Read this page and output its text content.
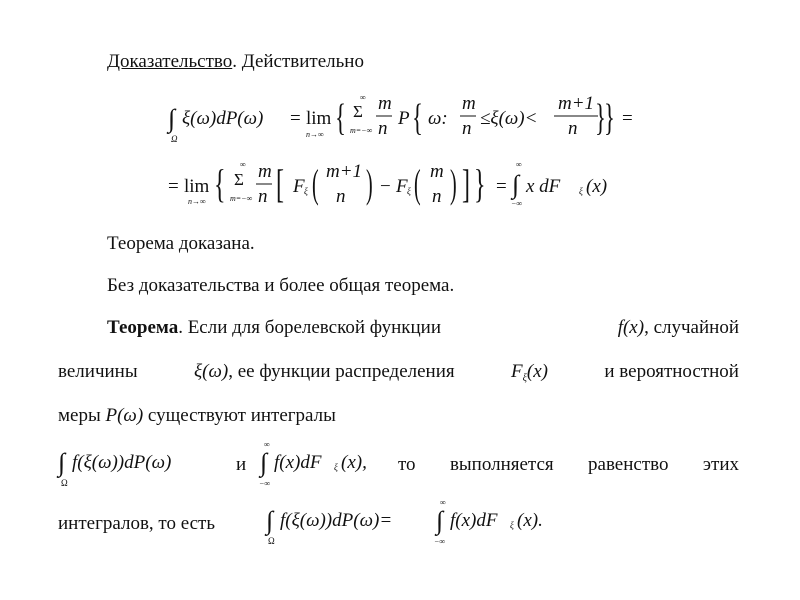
Доказательство. Действительно
∫
Ω
ξ(ω)dP(ω) = lim
n→∞ { ∞
Σ
m=−∞
m
n P { ω:
m
n ≤ξ(ω)<
m+1
n }
} =
= lim
n→∞ { ∞
Σ
m=−∞
m
n [ F ξ ( m+1
n ) − F ξ ( m
n ) ] } =
∞
∫
−∞
x dF ξ (x)
Теорема доказана.
Без доказательства и более общая теорема.
Теорема. Если для борелевской функции	f(x), случайной
величины	ξ(ω), ее функции распределения	$F_\xi(x)$	и вероятностной
меры P(ω) существуют интегралы
∫
Ω
f(ξ(ω))dP(ω)	и
∞
∫
−∞
f(x)dF ξ (x), то выполняется равенство этих
интегралов, то есть ∫
Ω
f(ξ(ω))dP(ω)=
∞
∫
−∞
f(x)dF ξ (x).
